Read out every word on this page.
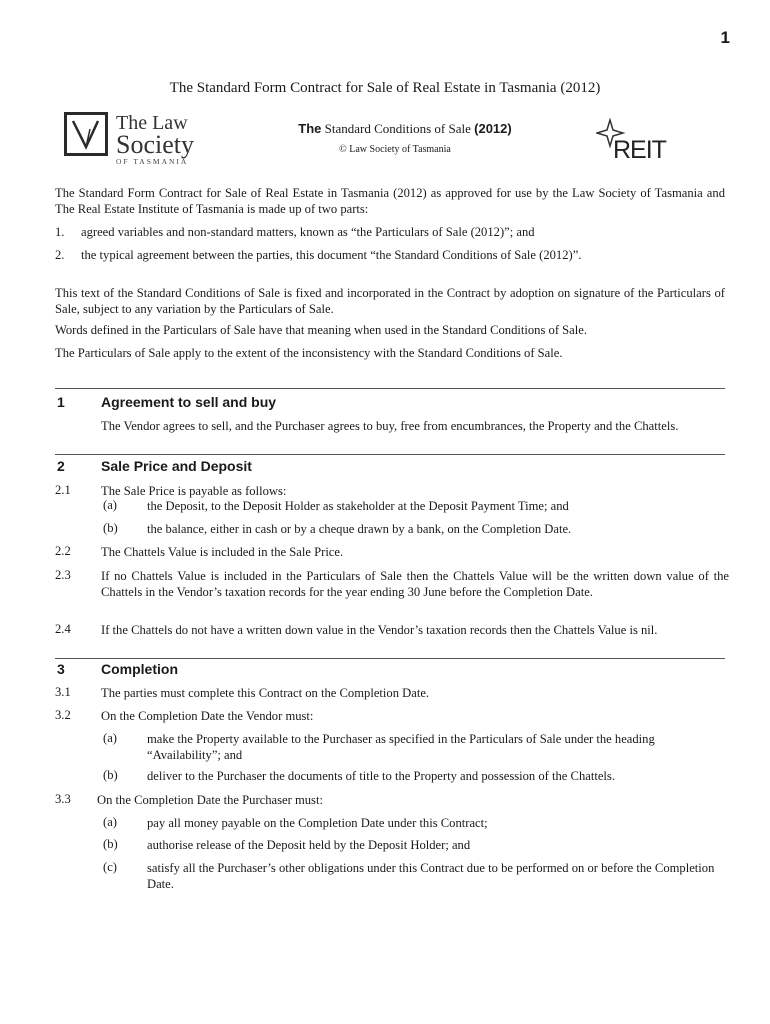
1
The Standard Form Contract for Sale of Real Estate in Tasmania (2012)
The Law
Society
OF TASMANIA
The Standard Conditions of Sale (2012)
© Law Society of Tasmania	REIT
The Standard Form Contract for Sale of Real Estate in Tasmania (2012) as approved for use by the Law Society of Tasmania and The Real Estate Institute of Tasmania is made up of two parts:
1. agreed variables and non-standard matters, known as “the Particulars of Sale (2012)”; and
2. the typical agreement between the parties, this document “the Standard Conditions of Sale (2012)”.
This text of the Standard Conditions of Sale is fixed and incorporated in the Contract by adoption on signature of the Particulars of Sale, subject to any variation by the Particulars of Sale.
Words defined in the Particulars of Sale have that meaning when used in the Standard Conditions of Sale.
The Particulars of Sale apply to the extent of the inconsistency with the Standard Conditions of Sale.
1	Agreement to sell and buy
The Vendor agrees to sell, and the Purchaser agrees to buy, free from encumbrances, the Property and the Chattels.
2	Sale Price and Deposit
2.1 The Sale Price is payable as follows:
(a) the Deposit, to the Deposit Holder as stakeholder at the Deposit Payment Time; and
(b) the balance, either in cash or by a cheque drawn by a bank, on the Completion Date.
2.2 The Chattels Value is included in the Sale Price.
2.3 If no Chattels Value is included in the Particulars of Sale then the Chattels Value will be the written down value of the Chattels in the Vendor’s taxation records for the year ending 30 June before the Completion Date.
2.4 If the Chattels do not have a written down value in the Vendor’s taxation records then the Chattels Value is nil.
3	Completion
3.1 The parties must complete this Contract on the Completion Date.
3.2 On the Completion Date the Vendor must:
(a) make the Property available to the Purchaser as specified in the Particulars of Sale under the heading “Availability”; and
(b) deliver to the Purchaser the documents of title to the Property and possession of the Chattels.
3.3 On the Completion Date the Purchaser must:
(a) pay all money payable on the Completion Date under this Contract;
(b) authorise release of the Deposit held by the Deposit Holder; and
(c) satisfy all the Purchaser’s other obligations under this Contract due to be performed on or before the Completion Date.
